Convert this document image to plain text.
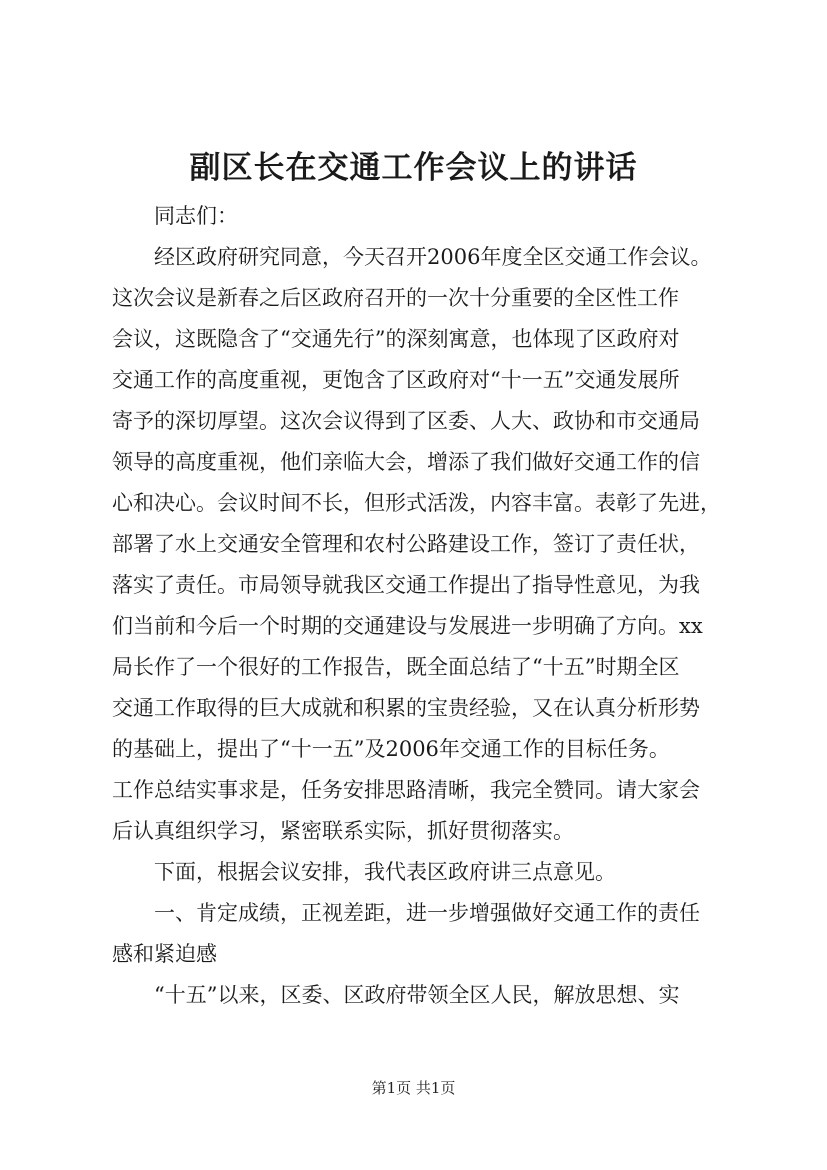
副区长在交通工作会议上的讲话
同志们：
经区政府研究同意，今天召开2006年度全区交通工作会议。
这次会议是新春之后区政府召开的一次十分重要的全区性工作
会议，这既隐含了“交通先行”的深刻寓意，也体现了区政府对
交通工作的高度重视，更饱含了区政府对“十一五”交通发展所
寄予的深切厚望。这次会议得到了区委、人大、政协和市交通局
领导的高度重视，他们亲临大会，增添了我们做好交通工作的信
心和决心。会议时间不长，但形式活泼，内容丰富。表彰了先进，
部署了水上交通安全管理和农村公路建设工作，签订了责任状，
落实了责任。市局领导就我区交通工作提出了指导性意见，为我
们当前和今后一个时期的交通建设与发展进一步明确了方向。xx
局长作了一个很好的工作报告，既全面总结了“十五”时期全区
交通工作取得的巨大成就和积累的宝贵经验，又在认真分析形势
的基础上，提出了“十一五”及2006年交通工作的目标任务。
工作总结实事求是，任务安排思路清晰，我完全赞同。请大家会
后认真组织学习，紧密联系实际，抓好贯彻落实。
下面，根据会议安排，我代表区政府讲三点意见。
一、肯定成绩，正视差距，进一步增强做好交通工作的责任
感和紧迫感
“十五”以来，区委、区政府带领全区人民，解放思想、实
第1页 共1页
